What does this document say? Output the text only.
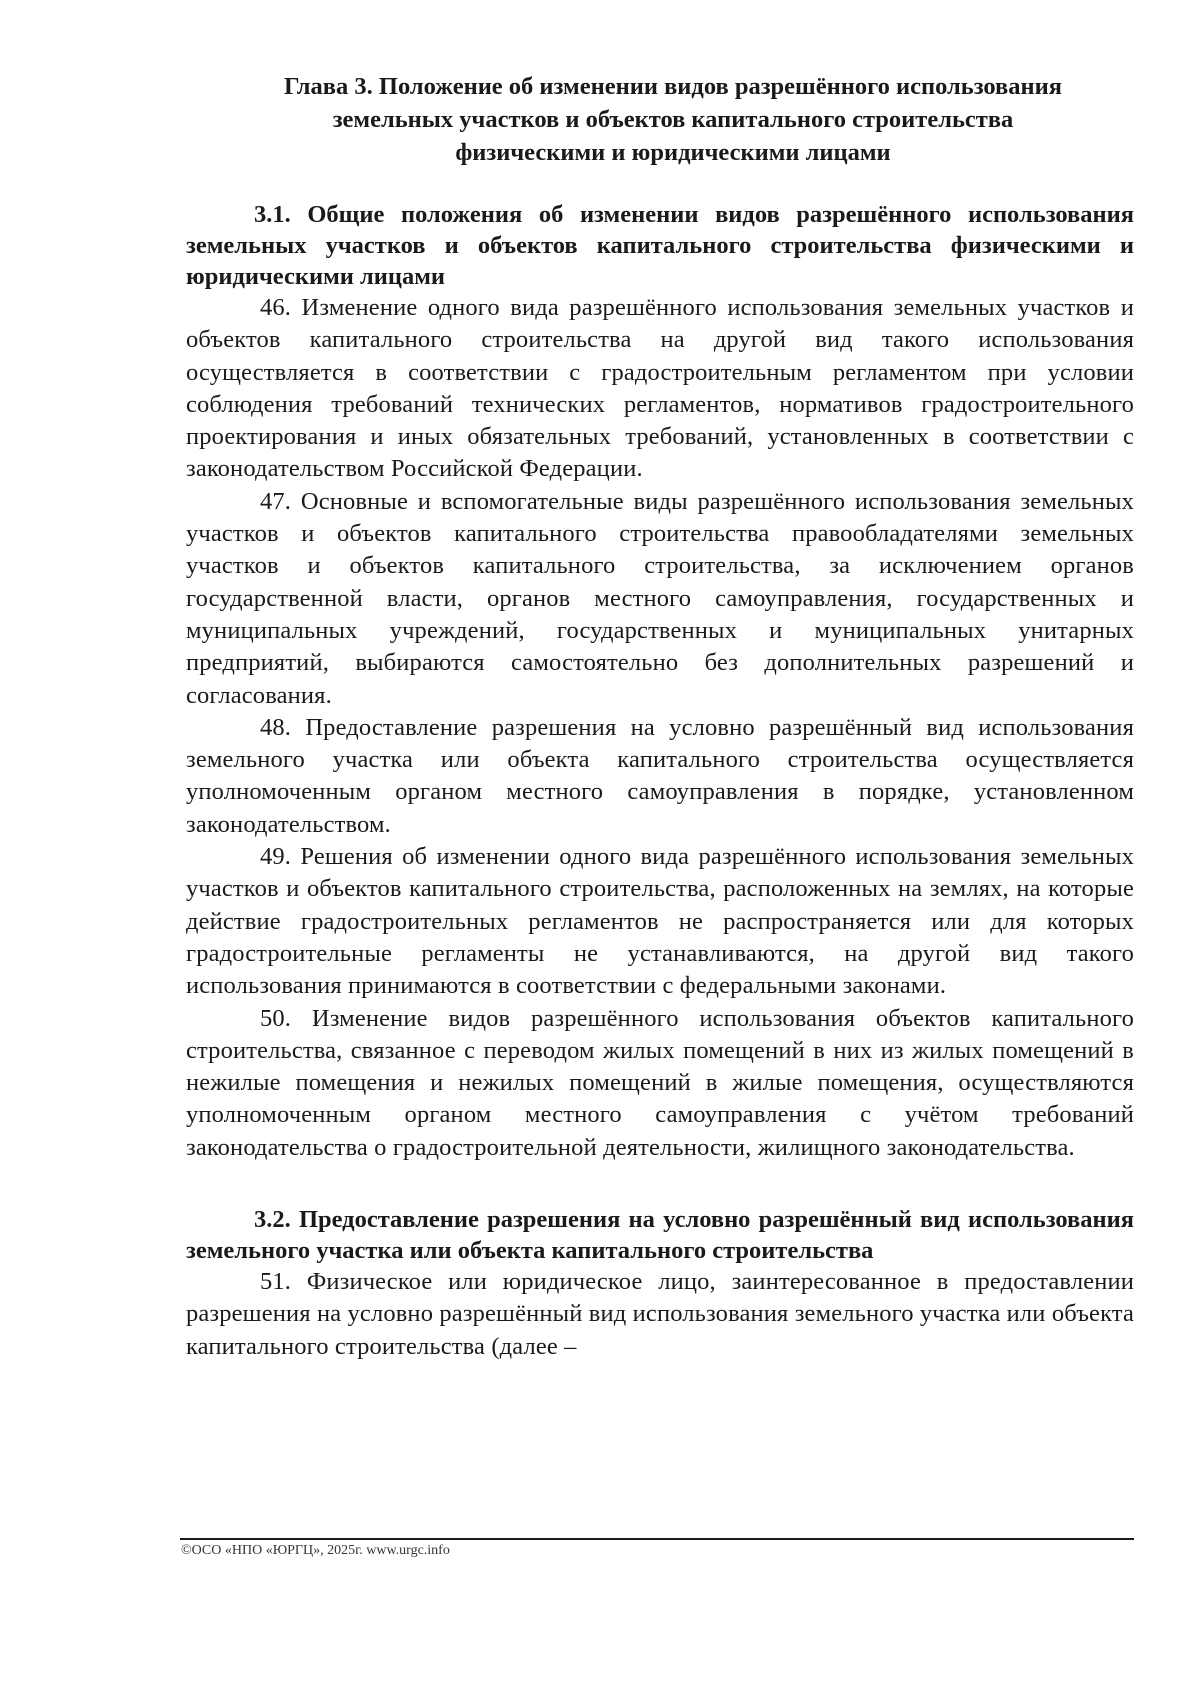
Глава 3. Положение об изменении видов разрешённого использования
земельных участков и объектов капитального строительства
физическими и юридическими лицами
3.1. Общие положения об изменении видов разрешённого использования земельных участков и объектов капитального строительства физическими и юридическими лицами

46. Изменение одного вида разрешённого использования земельных участков и объектов капитального строительства на другой вид такого использования осуществляется в соответствии с градостроительным регламентом при условии соблюдения требований технических регламентов, нормативов градостроительного проектирования и иных обязательных требований, установленных в соответствии с законодательством Российской Федерации.

47. Основные и вспомогательные виды разрешённого использования земельных участков и объектов капитального строительства правообладателями земельных участков и объектов капитального строительства, за исключением органов государственной власти, органов местного самоуправления, государственных и муниципальных учреждений, государственных и муниципальных унитарных предприятий, выбираются самостоятельно без дополнительных разрешений и согласования.

48. Предоставление разрешения на условно разрешённый вид использования земельного участка или объекта капитального строительства осуществляется уполномоченным органом местного самоуправления в порядке, установленном законодательством.

49. Решения об изменении одного вида разрешённого использования земельных участков и объектов капитального строительства, расположенных на землях, на которые действие градостроительных регламентов не распространяется или для которых градостроительные регламенты не устанавливаются, на другой вид такого использования принимаются в соответствии с федеральными законами.

50. Изменение видов разрешённого использования объектов капитального строительства, связанное с переводом жилых помещений в них из жилых помещений в нежилые помещения и нежилых помещений в жилые помещения, осуществляются уполномоченным органом местного самоуправления с учётом требований законодательства о градостроительной деятельности, жилищного законодательства.

3.2. Предоставление разрешения на условно разрешённый вид использования земельного участка или объекта капитального строительства

51. Физическое или юридическое лицо, заинтересованное в предоставлении разрешения на условно разрешённый вид использования земельного участка или объекта капитального строительства (далее –

©ОСО «НПО «ЮРГЦ», 2025г. www.urgc.info
